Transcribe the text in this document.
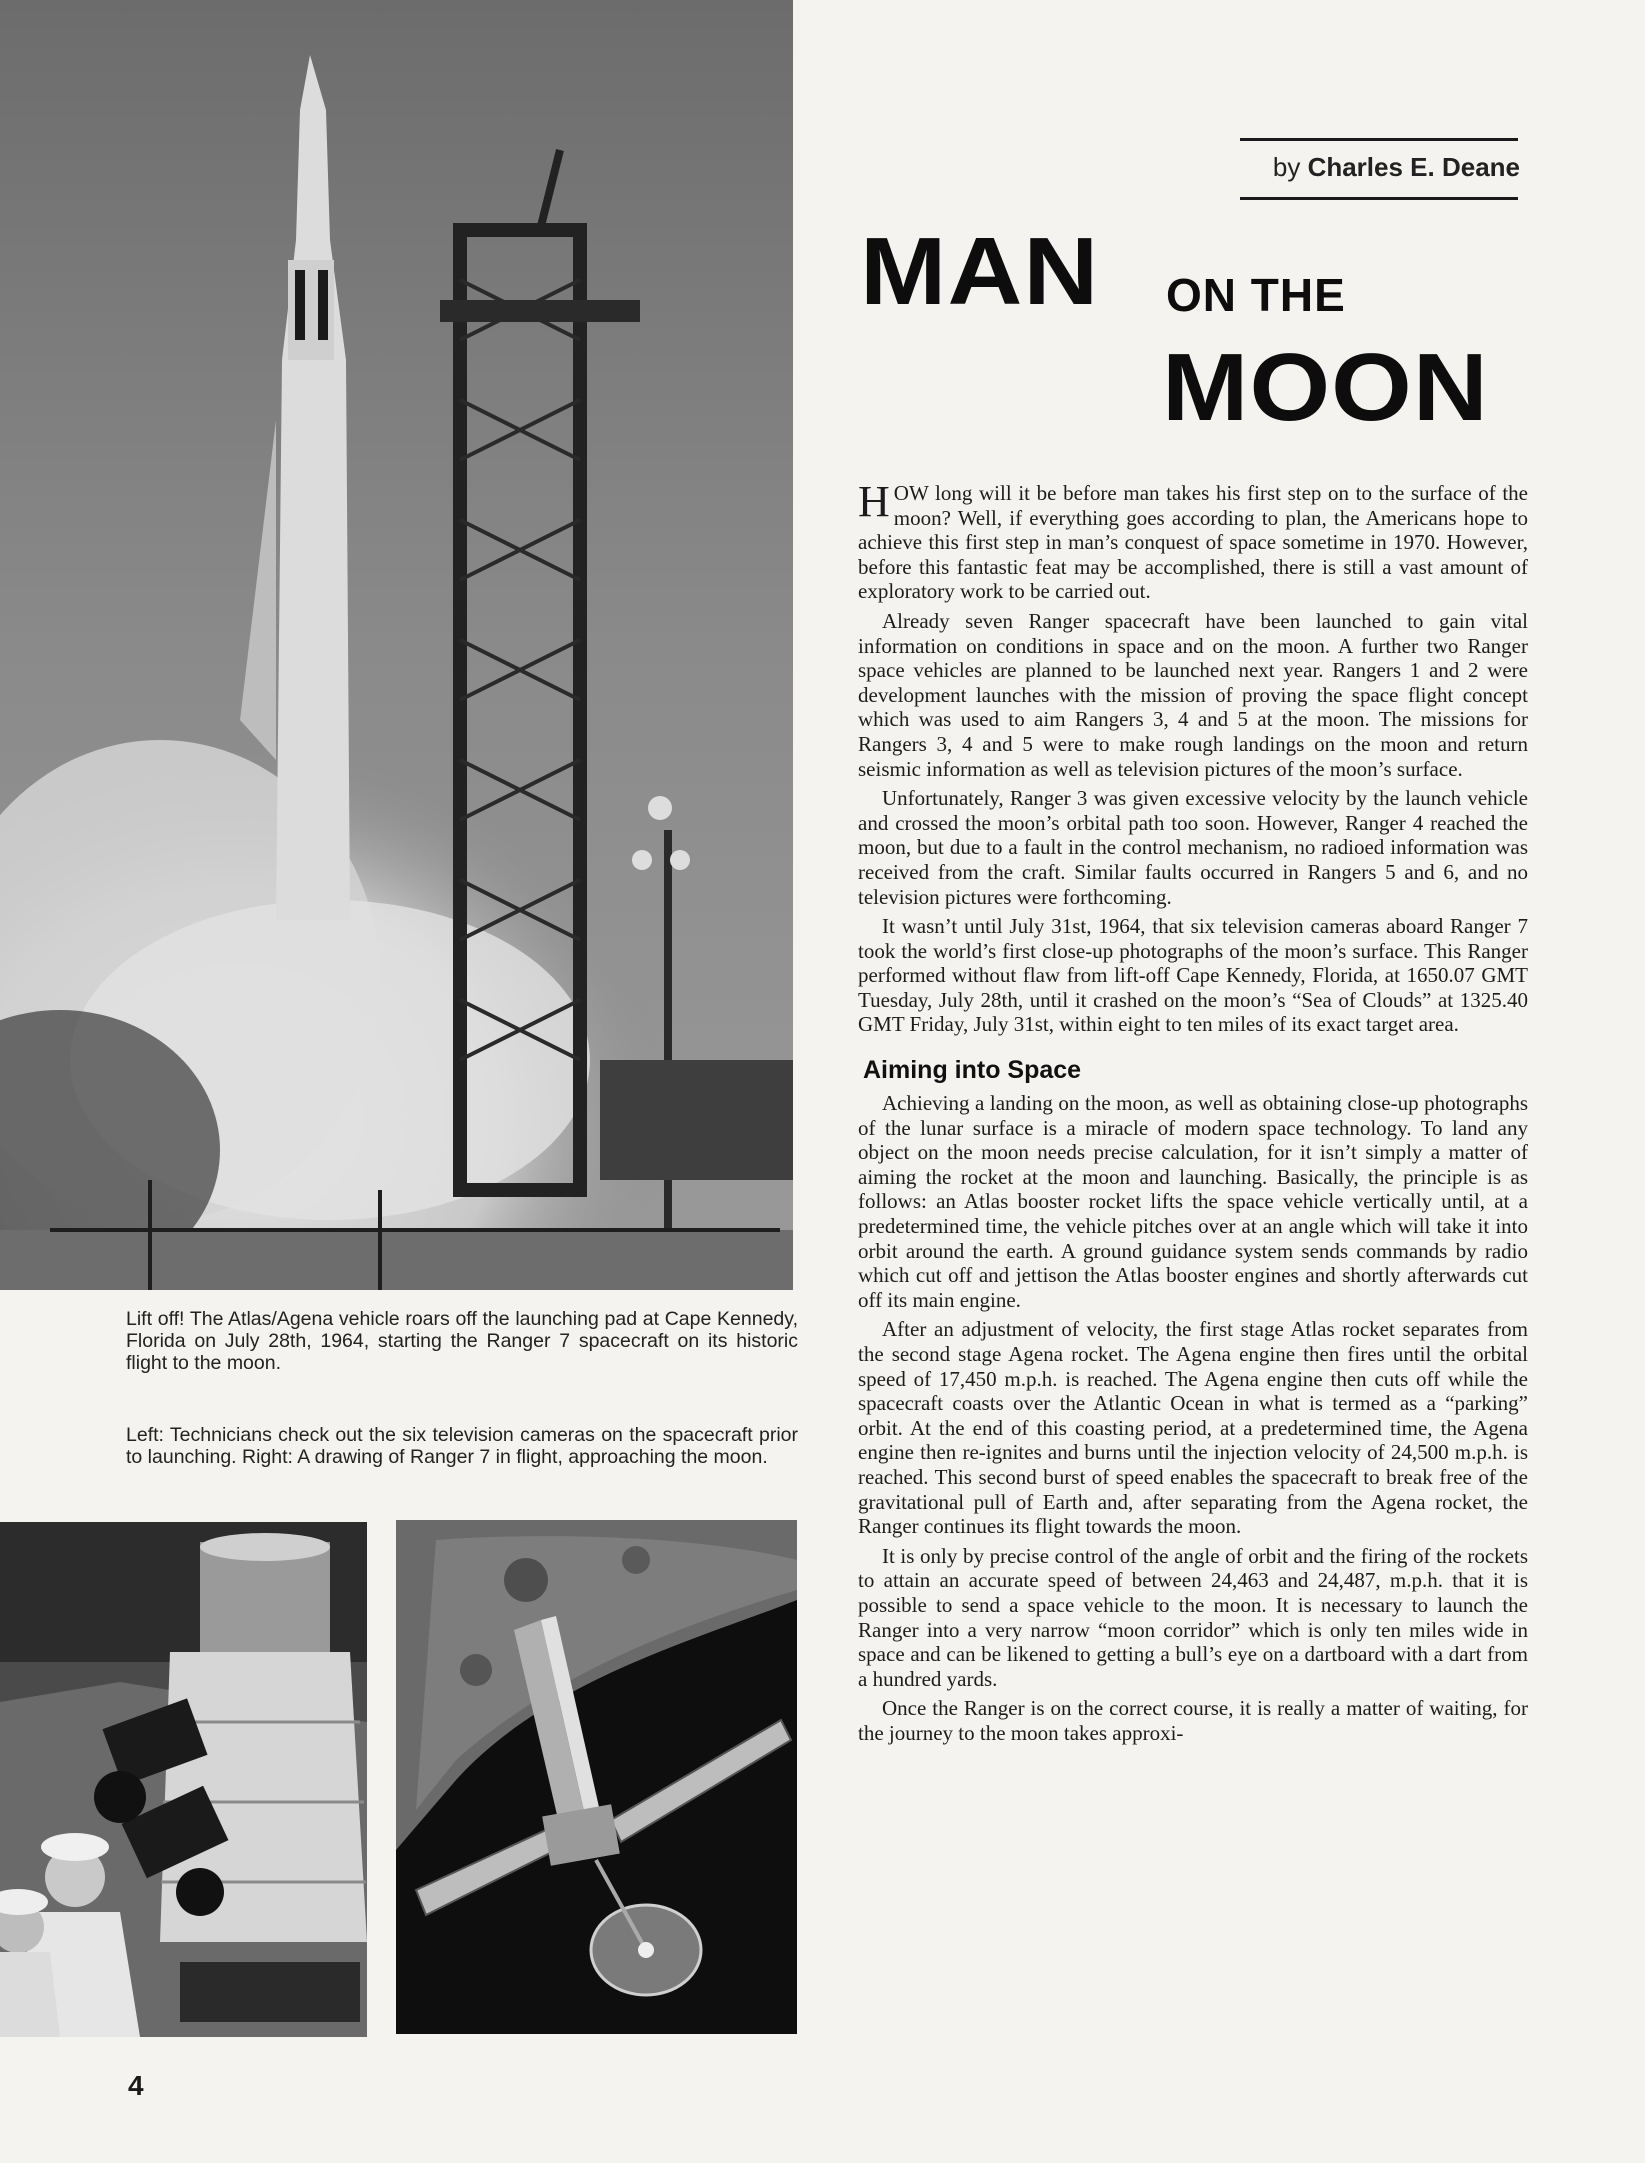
Lift off! The Atlas/Agena vehicle roars off the launching pad at Cape Kennedy, Florida on July 28th, 1964, starting the Ranger 7 spacecraft on its historic flight to the moon.
Left: Technicians check out the six television cameras on the spacecraft prior to launching. Right: A drawing of Ranger 7 in flight, approaching the moon.
by Charles E. Deane
MAN ON THE
MOON

HOW long will it be before man takes his first step on to the surface of the moon? Well, if everything goes according to plan, the Americans hope to achieve this first step in man’s conquest of space sometime in 1970. However, before this fantastic feat may be accomplished, there is still a vast amount of exploratory work to be carried out.

Already seven Ranger spacecraft have been launched to gain vital information on conditions in space and on the moon. A further two Ranger space vehicles are planned to be launched next year. Rangers 1 and 2 were development launches with the mission of proving the space flight concept which was used to aim Rangers 3, 4 and 5 at the moon. The missions for Rangers 3, 4 and 5 were to make rough landings on the moon and return seismic information as well as television pictures of the moon’s surface.

Unfortunately, Ranger 3 was given excessive velocity by the launch vehicle and crossed the moon’s orbital path too soon. However, Ranger 4 reached the moon, but due to a fault in the control mechanism, no radioed information was received from the craft. Similar faults occurred in Rangers 5 and 6, and no television pictures were forthcoming.

It wasn’t until July 31st, 1964, that six television cameras aboard Ranger 7 took the world’s first close-up photographs of the moon’s surface. This Ranger performed without flaw from lift-off Cape Kennedy, Florida, at 1650.07 GMT Tuesday, July 28th, until it crashed on the moon’s “Sea of Clouds” at 1325.40 GMT Friday, July 31st, within eight to ten miles of its exact target area.

Aiming into Space

Achieving a landing on the moon, as well as obtaining close-up photographs of the lunar surface is a miracle of modern space technology. To land any object on the moon needs precise calculation, for it isn’t simply a matter of aiming the rocket at the moon and launching. Basically, the principle is as follows: an Atlas booster rocket lifts the space vehicle vertically until, at a predetermined time, the vehicle pitches over at an angle which will take it into orbit around the earth. A ground guidance system sends commands by radio which cut off and jettison the Atlas booster engines and shortly afterwards cut off its main engine.

After an adjustment of velocity, the first stage Atlas rocket separates from the second stage Agena rocket. The Agena engine then fires until the orbital speed of 17,450 m.p.h. is reached. The Agena engine then cuts off while the spacecraft coasts over the Atlantic Ocean in what is termed as a “parking” orbit. At the end of this coasting period, at a predetermined time, the Agena engine then re-ignites and burns until the injection velocity of 24,500 m.p.h. is reached. This second burst of speed enables the spacecraft to break free of the gravitational pull of Earth and, after separating from the Agena rocket, the Ranger continues its flight towards the moon.

It is only by precise control of the angle of orbit and the firing of the rockets to attain an accurate speed of between 24,463 and 24,487, m.p.h. that it is possible to send a space vehicle to the moon. It is necessary to launch the Ranger into a very narrow “moon corridor” which is only ten miles wide in space and can be likened to getting a bull’s eye on a dartboard with a dart from a hundred yards.

Once the Ranger is on the correct course, it is really a matter of waiting, for the journey to the moon takes approxi-

4
